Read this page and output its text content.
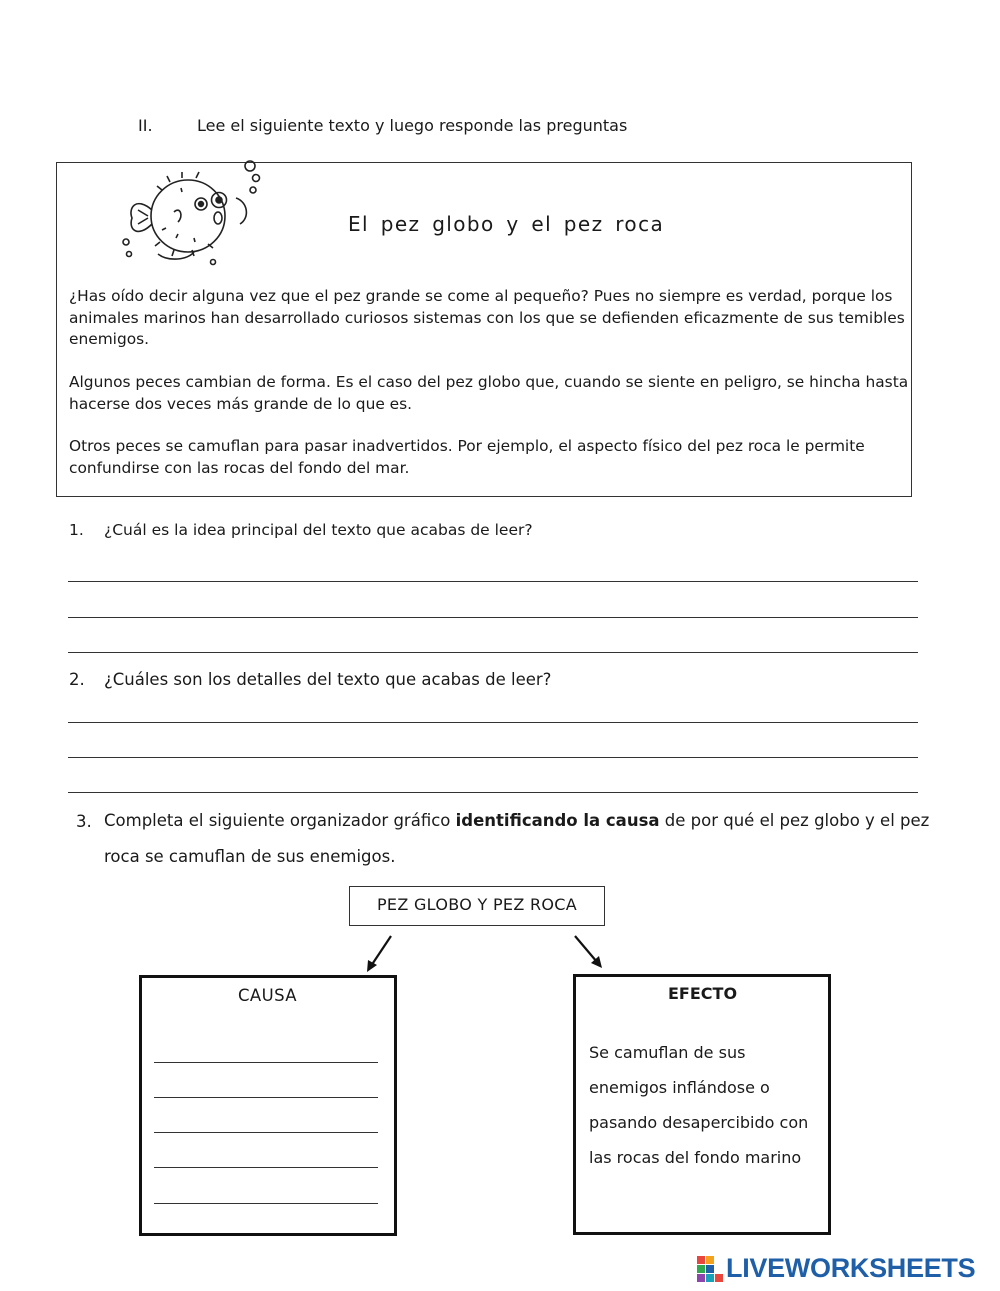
II.	Lee el siguiente texto y luego responde las preguntas
El pez globo y el pez roca
¿Has oído decir alguna vez que el pez grande se come al pequeño? Pues no siempre es verdad, porque los animales marinos han desarrollado curiosos sistemas con los que se defienden eficazmente de sus temibles enemigos.
Algunos peces cambian de forma. Es el caso del pez globo que, cuando se siente en peligro, se hincha hasta hacerse dos veces más grande de lo que es.
Otros peces se camuflan para pasar inadvertidos. Por ejemplo, el aspecto físico del pez roca le permite confundirse con las rocas del fondo del mar.
1. ¿Cuál es la idea principal del texto que acabas de leer?
2. ¿Cuáles son los detalles del texto que acabas de leer?
3. Completa el siguiente organizador gráfico identificando la causa de por qué el pez globo y el pez roca se camuflan de sus enemigos.
PEZ GLOBO Y PEZ ROCA
CAUSA	EFECTO
Se camuflan de sus enemigos inflándose o pasando desapercibido con las rocas del fondo marino
LIVEWORKSHEETS
